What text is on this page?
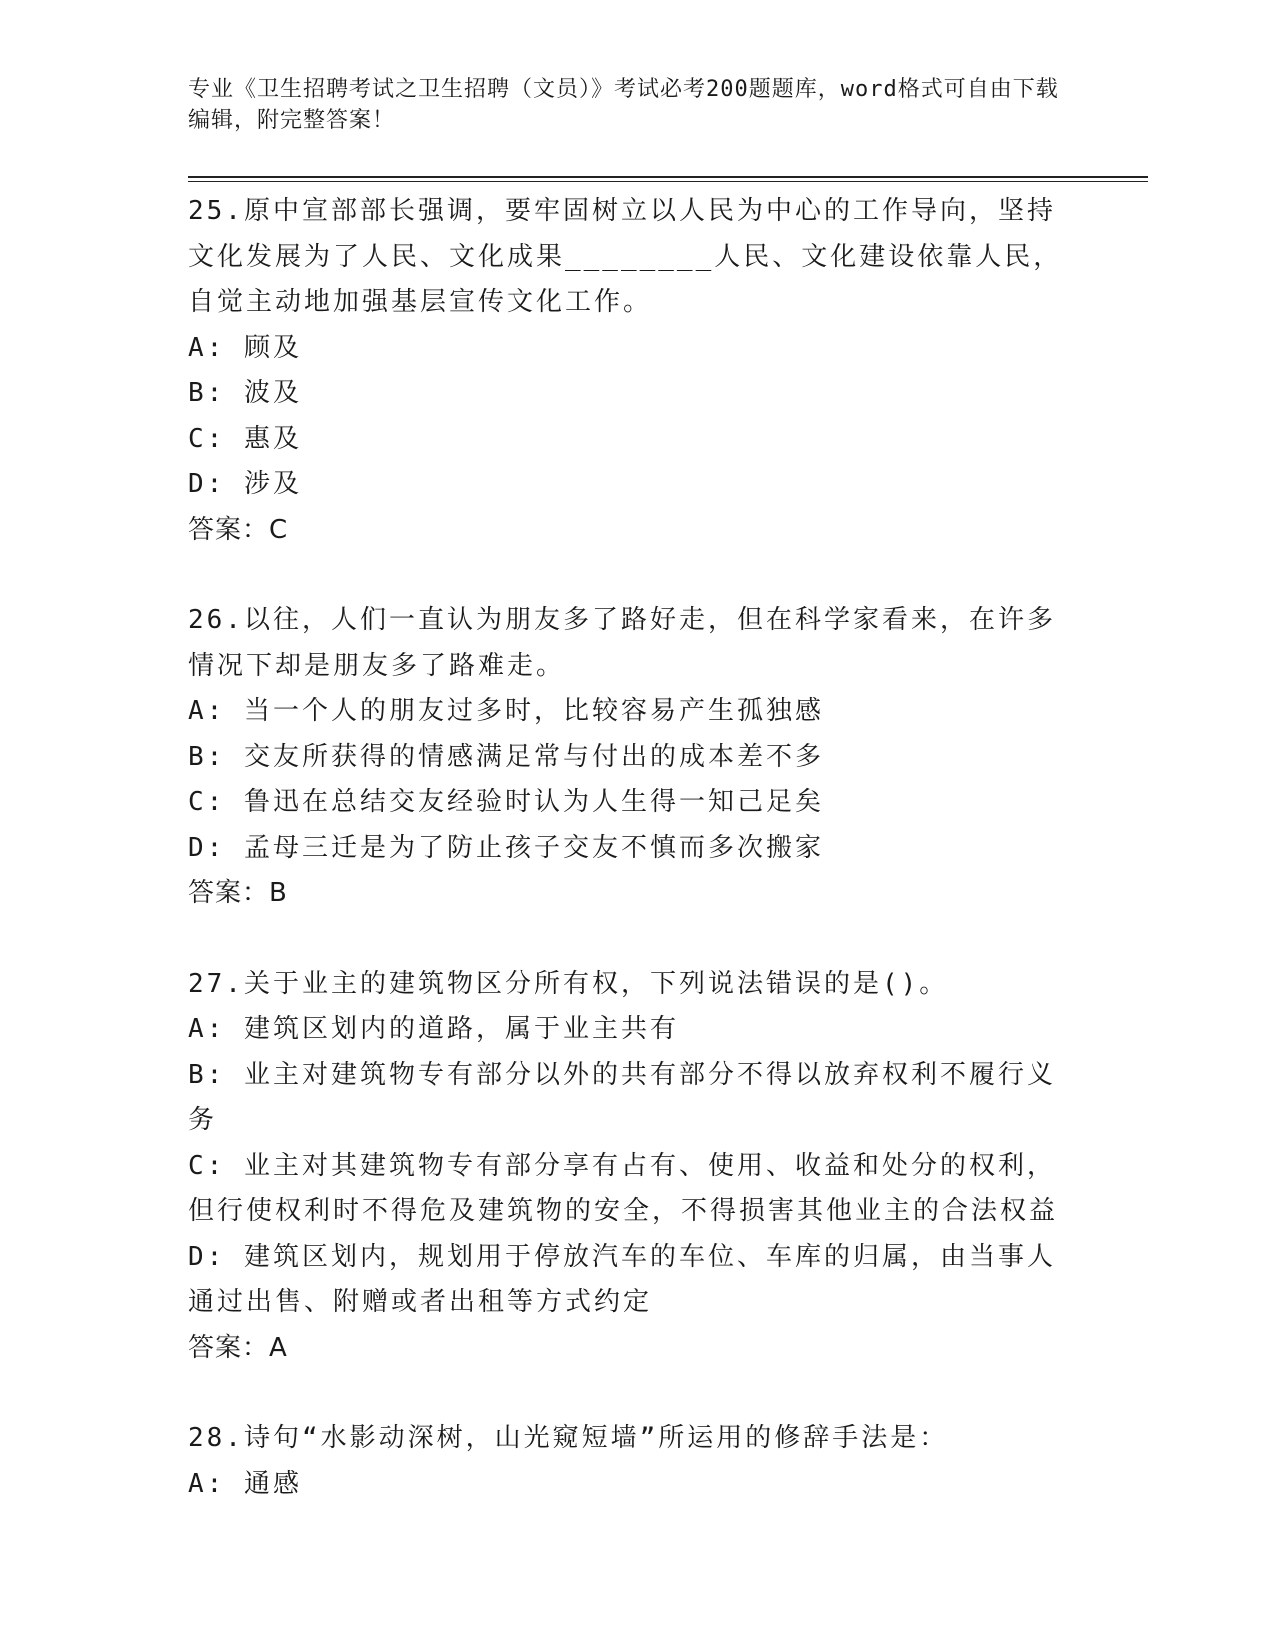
专业《卫生招聘考试之卫生招聘（文员）》考试必考200题题库，word格式可自由下载编辑，附完整答案！
25.原中宣部部长强调，要牢固树立以人民为中心的工作导向，坚持文化发展为了人民、文化成果________人民、文化建设依靠人民，自觉主动地加强基层宣传文化工作。
A: 顾及
B: 波及
C: 惠及
D: 涉及
答案：C
26.以往，人们一直认为朋友多了路好走，但在科学家看来，在许多情况下却是朋友多了路难走。
A: 当一个人的朋友过多时，比较容易产生孤独感
B: 交友所获得的情感满足常与付出的成本差不多
C: 鲁迅在总结交友经验时认为人生得一知己足矣
D: 孟母三迁是为了防止孩子交友不慎而多次搬家
答案：B
27.关于业主的建筑物区分所有权，下列说法错误的是()。
A: 建筑区划内的道路，属于业主共有
B: 业主对建筑物专有部分以外的共有部分不得以放弃权利不履行义务
C: 业主对其建筑物专有部分享有占有、使用、收益和处分的权利，但行使权利时不得危及建筑物的安全，不得损害其他业主的合法权益
D: 建筑区划内，规划用于停放汽车的车位、车库的归属，由当事人通过出售、附赠或者出租等方式约定
答案：A
28.诗句“水影动深树，山光窥短墙”所运用的修辞手法是：
A: 通感
